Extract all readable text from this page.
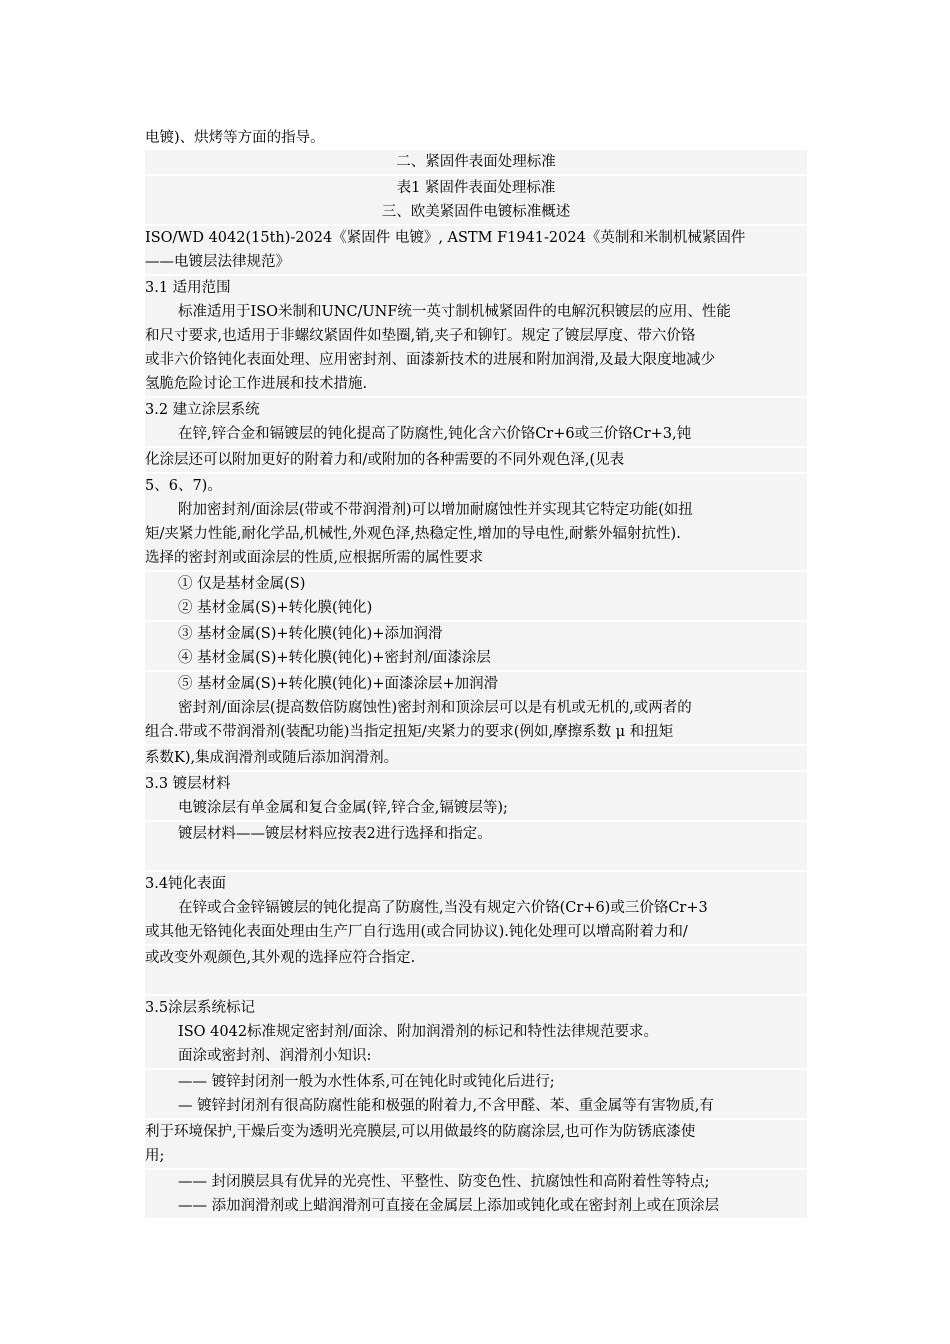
电镀)、烘烤等方面的指导。
二、紧固件表面处理标准
表1 紧固件表面处理标准
三、欧美紧固件电镀标准概述
ISO/WD 4042(15th)-2024《紧固件 电镀》, ASTM F1941-2024《英制和米制机械紧固件
——电镀层法律规范》
3.1 适用范围
标准适用于ISO米制和UNC/UNF统一英寸制机械紧固件的电解沉积镀层的应用、性能
和尺寸要求,也适用于非螺纹紧固件如垫圈,销,夹子和铆钉。规定了镀层厚度、带六价铬
或非六价铬钝化表面处理、应用密封剂、面漆新技术的进展和附加润滑,及最大限度地减少
氢脆危险讨论工作进展和技术措施.
3.2 建立涂层系统
在锌,锌合金和镉镀层的钝化提高了防腐性,钝化含六价铬Cr+6或三价铬Cr+3,钝
化涂层还可以附加更好的附着力和/或附加的各种需要的不同外观色泽,(见表
5、6、7)。
附加密封剂/面涂层(带或不带润滑剂)可以增加耐腐蚀性并实现其它特定功能(如扭
矩/夹紧力性能,耐化学品,机械性,外观色泽,热稳定性,增加的导电性,耐紫外辐射抗性).
选择的密封剂或面涂层的性质,应根据所需的属性要求
① 仅是基材金属(S)
② 基材金属(S)+转化膜(钝化)
③ 基材金属(S)+转化膜(钝化)+添加润滑
④ 基材金属(S)+转化膜(钝化)+密封剂/面漆涂层
⑤ 基材金属(S)+转化膜(钝化)+面漆涂层+加润滑
密封剂/面涂层(提高数倍防腐蚀性)密封剂和顶涂层可以是有机或无机的,或两者的
组合.带或不带润滑剂(装配功能)当指定扭矩/夹紧力的要求(例如,摩擦系数 μ 和扭矩
系数K),集成润滑剂或随后添加润滑剂。
3.3 镀层材料
电镀涂层有单金属和复合金属(锌,锌合金,镉镀层等);
镀层材料——镀层材料应按表2进行选择和指定。
3.4钝化表面
在锌或合金锌镉镀层的钝化提高了防腐性,当没有规定六价铬(Cr+6)或三价铬Cr+3
或其他无铬钝化表面处理由生产厂自行选用(或合同协议).钝化处理可以增高附着力和/
或改变外观颜色,其外观的选择应符合指定.
3.5涂层系统标记
ISO 4042标准规定密封剂/面涂、附加润滑剂的标记和特性法律规范要求。
面涂或密封剂、润滑剂小知识:
—— 镀锌封闭剂一般为水性体系,可在钝化时或钝化后进行;
— 镀锌封闭剂有很高防腐性能和极强的附着力,不含甲醛、苯、重金属等有害物质,有
利于环境保护,干燥后变为透明光亮膜层,可以用做最终的防腐涂层,也可作为防锈底漆使
用;
—— 封闭膜层具有优异的光亮性、平整性、防变色性、抗腐蚀性和高附着性等特点;
—— 添加润滑剂或上蜡润滑剂可直接在金属层上添加或钝化或在密封剂上或在顶涂层
